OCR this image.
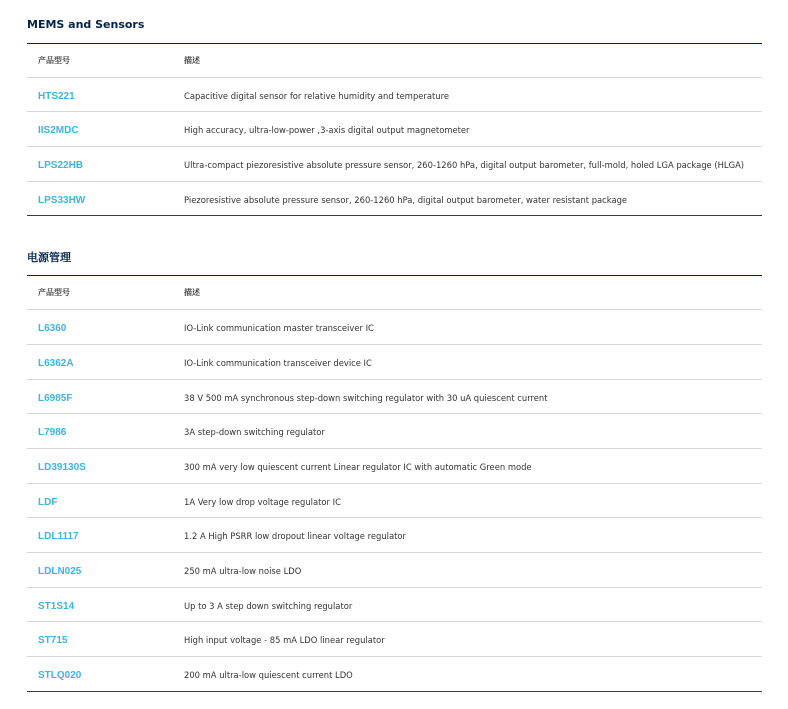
MEMS and Sensors
产品型号	描述
HTS221	Capacitive digital sensor for relative humidity and temperature
IIS2MDC	High accuracy, ultra-low-power ,3-axis digital output magnetometer
LPS22HB	Ultra-compact piezoresistive absolute pressure sensor, 260-1260 hPa, digital output barometer, full-mold, holed LGA package (HLGA)
LPS33HW	Piezoresistive absolute pressure sensor, 260-1260 hPa, digital output barometer, water resistant package
电源管理
产品型号	描述
L6360	IO-Link communication master transceiver IC
L6362A	IO-Link communication transceiver device IC
L6985F	38 V 500 mA synchronous step-down switching regulator with 30 uA quiescent current
L7986	3A step-down switching regulator
LD39130S	300 mA very low quiescent current Linear regulator IC with automatic Green mode
LDF	1A Very low drop voltage regulator IC
LDL1117	1.2 A High PSRR low dropout linear voltage regulator
LDLN025	250 mA ultra-low noise LDO
ST1S14	Up to 3 A step down switching regulator
ST715	High input voltage - 85 mA LDO linear regulator
STLQ020	200 mA ultra-low quiescent current LDO
